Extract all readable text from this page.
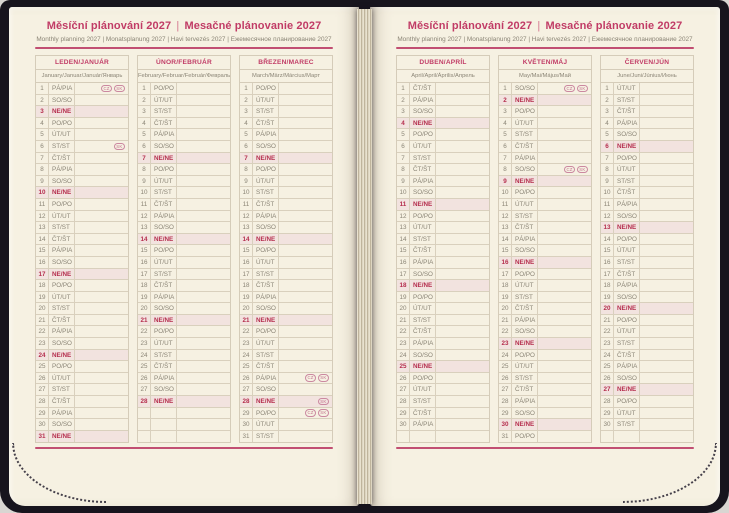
Měsíční plánování 2027 | Mesačné plánovanie 2027
Monthly planning 2027 | Monatsplanung 2027 | Havi tervezés 2027 | Ежемесячное планирование 2027
LEDEN/JANUÁR
January/Januar/Január/Январь
1	PÁ/PIA	CZ	SK
2	SO/SO
3	NE/NE
4	PO/PO
5	ÚT/UT
6	ST/ST	SK
7	ČT/ŠT
8	PÁ/PIA
9	SO/SO
10	NE/NE
11	PO/PO
12	ÚT/UT
13	ST/ST
14	ČT/ŠT
15	PÁ/PIA
16	SO/SO
17	NE/NE
18	PO/PO
19	ÚT/UT
20	ST/ST
21	ČT/ŠT
22	PÁ/PIA
23	SO/SO
24	NE/NE
25	PO/PO
26	ÚT/UT
27	ST/ST
28	ČT/ŠT
29	PÁ/PIA
30	SO/SO
31	NE/NE
ÚNOR/FEBRUÁR
February/Februar/Február/Февраль
1	PO/PO
2	ÚT/UT
3	ST/ST
4	ČT/ŠT
5	PÁ/PIA
6	SO/SO
7	NE/NE
8	PO/PO
9	ÚT/UT
10	ST/ST
11	ČT/ŠT
12	PÁ/PIA
13	SO/SO
14	NE/NE
15	PO/PO
16	ÚT/UT
17	ST/ST
18	ČT/ŠT
19	PÁ/PIA
20	SO/SO
21	NE/NE
22	PO/PO
23	ÚT/UT
24	ST/ST
25	ČT/ŠT
26	PÁ/PIA
27	SO/SO
28	NE/NE
BŘEZEN/MAREC
March/März/Március/Март
1	PO/PO
2	ÚT/UT
3	ST/ST
4	ČT/ŠT
5	PÁ/PIA
6	SO/SO
7	NE/NE
8	PO/PO
9	ÚT/UT
10	ST/ST
11	ČT/ŠT
12	PÁ/PIA
13	SO/SO
14	NE/NE
15	PO/PO
16	ÚT/UT
17	ST/ST
18	ČT/ŠT
19	PÁ/PIA
20	SO/SO
21	NE/NE
22	PO/PO
23	ÚT/UT
24	ST/ST
25	ČT/ŠT
26	PÁ/PIA	CZ	SK
27	SO/SO
28	NE/NE	SK
29	PO/PO	CZ	SK
30	ÚT/UT
31	ST/ST
Měsíční plánování 2027 | Mesačné plánovanie 2027
Monthly planning 2027 | Monatsplanung 2027 | Havi tervezés 2027 | Ежемесячное планирование 2027
DUBEN/APRÍL
April/April/Április/Апрель
1	ČT/ŠT
2	PÁ/PIA
3	SO/SO
4	NE/NE
5	PO/PO
6	ÚT/UT
7	ST/ST
8	ČT/ŠT
9	PÁ/PIA
10	SO/SO
11	NE/NE
12	PO/PO
13	ÚT/UT
14	ST/ST
15	ČT/ŠT
16	PÁ/PIA
17	SO/SO
18	NE/NE
19	PO/PO
20	ÚT/UT
21	ST/ST
22	ČT/ŠT
23	PÁ/PIA
24	SO/SO
25	NE/NE
26	PO/PO
27	ÚT/UT
28	ST/ST
29	ČT/ŠT
30	PÁ/PIA
KVĚTEN/MÁJ
May/Mai/Május/Май
1	SO/SO	CZ	SK
2	NE/NE
3	PO/PO
4	ÚT/UT
5	ST/ST
6	ČT/ŠT
7	PÁ/PIA
8	SO/SO	CZ	SK
9	NE/NE
10	PO/PO
11	ÚT/UT
12	ST/ST
13	ČT/ŠT
14	PÁ/PIA
15	SO/SO
16	NE/NE
17	PO/PO
18	ÚT/UT
19	ST/ST
20	ČT/ŠT
21	PÁ/PIA
22	SO/SO
23	NE/NE
24	PO/PO
25	ÚT/UT
26	ST/ST
27	ČT/ŠT
28	PÁ/PIA
29	SO/SO
30	NE/NE
31	PO/PO
ČERVEN/JÚN
June/Juni/Június/Июнь
1	ÚT/UT
2	ST/ST
3	ČT/ŠT
4	PÁ/PIA
5	SO/SO
6	NE/NE
7	PO/PO
8	ÚT/UT
9	ST/ST
10	ČT/ŠT
11	PÁ/PIA
12	SO/SO
13	NE/NE
14	PO/PO
15	ÚT/UT
16	ST/ST
17	ČT/ŠT
18	PÁ/PIA
19	SO/SO
20	NE/NE
21	PO/PO
22	ÚT/UT
23	ST/ST
24	ČT/ŠT
25	PÁ/PIA
26	SO/SO
27	NE/NE
28	PO/PO
29	ÚT/UT
30	ST/ST
